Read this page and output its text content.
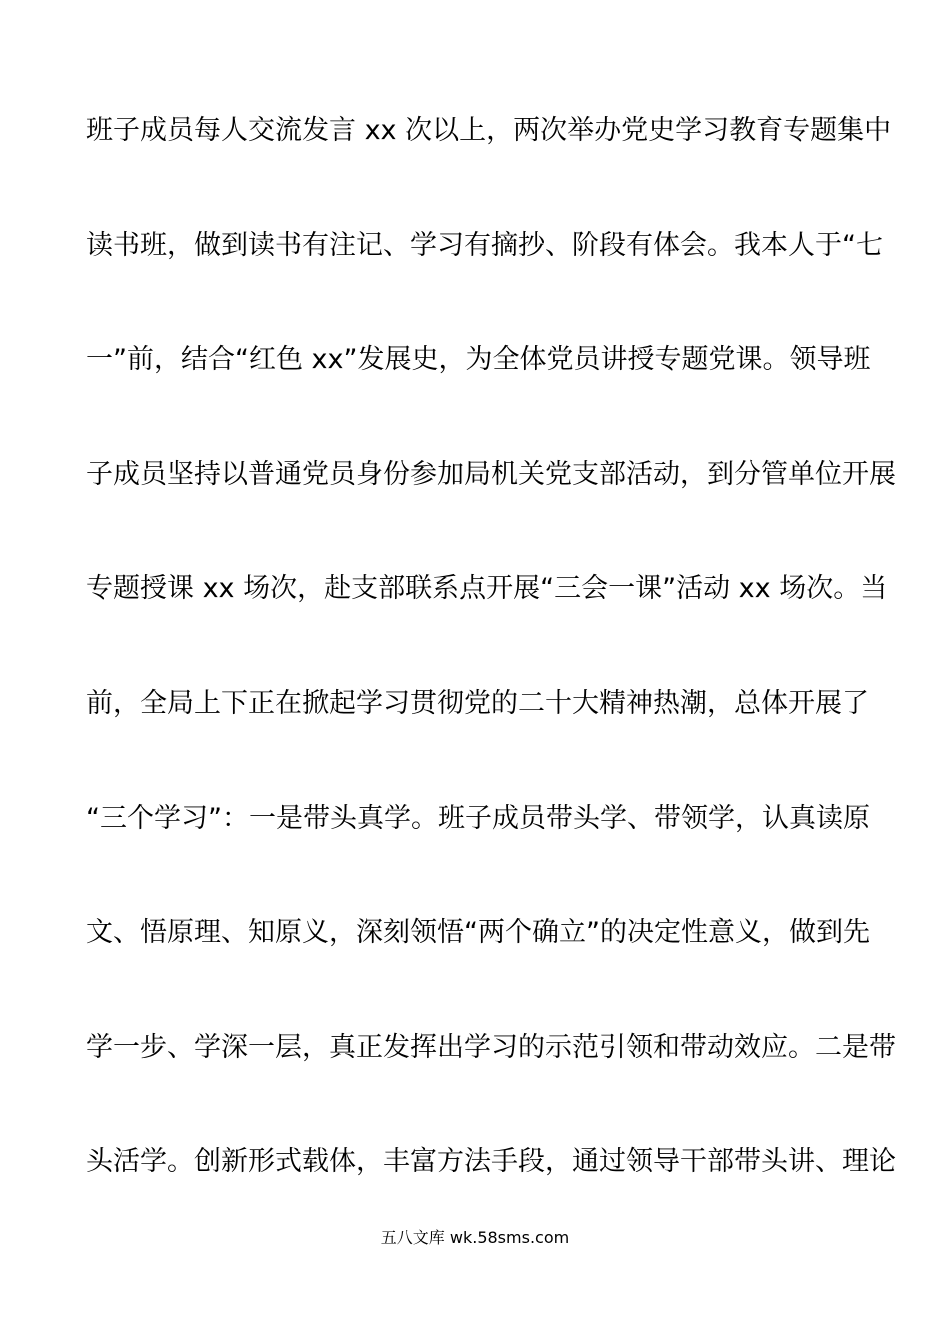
班子成员每人交流发言 xx 次以上，两次举办党史学习教育专题集中
读书班，做到读书有注记、学习有摘抄、阶段有体会。我本人于“七
一”前，结合“红色 xx”发展史，为全体党员讲授专题党课。领导班
子成员坚持以普通党员身份参加局机关党支部活动，到分管单位开展
专题授课 xx 场次，赴支部联系点开展“三会一课”活动 xx 场次。当
前，全局上下正在掀起学习贯彻党的二十大精神热潮，总体开展了
“三个学习”：一是带头真学。班子成员带头学、带领学，认真读原
文、悟原理、知原义，深刻领悟“两个确立”的决定性意义，做到先
学一步、学深一层，真正发挥出学习的示范引领和带动效应。二是带
头活学。创新形式载体，丰富方法手段，通过领导干部带头讲、理论
五八文库 wk.58sms.com
